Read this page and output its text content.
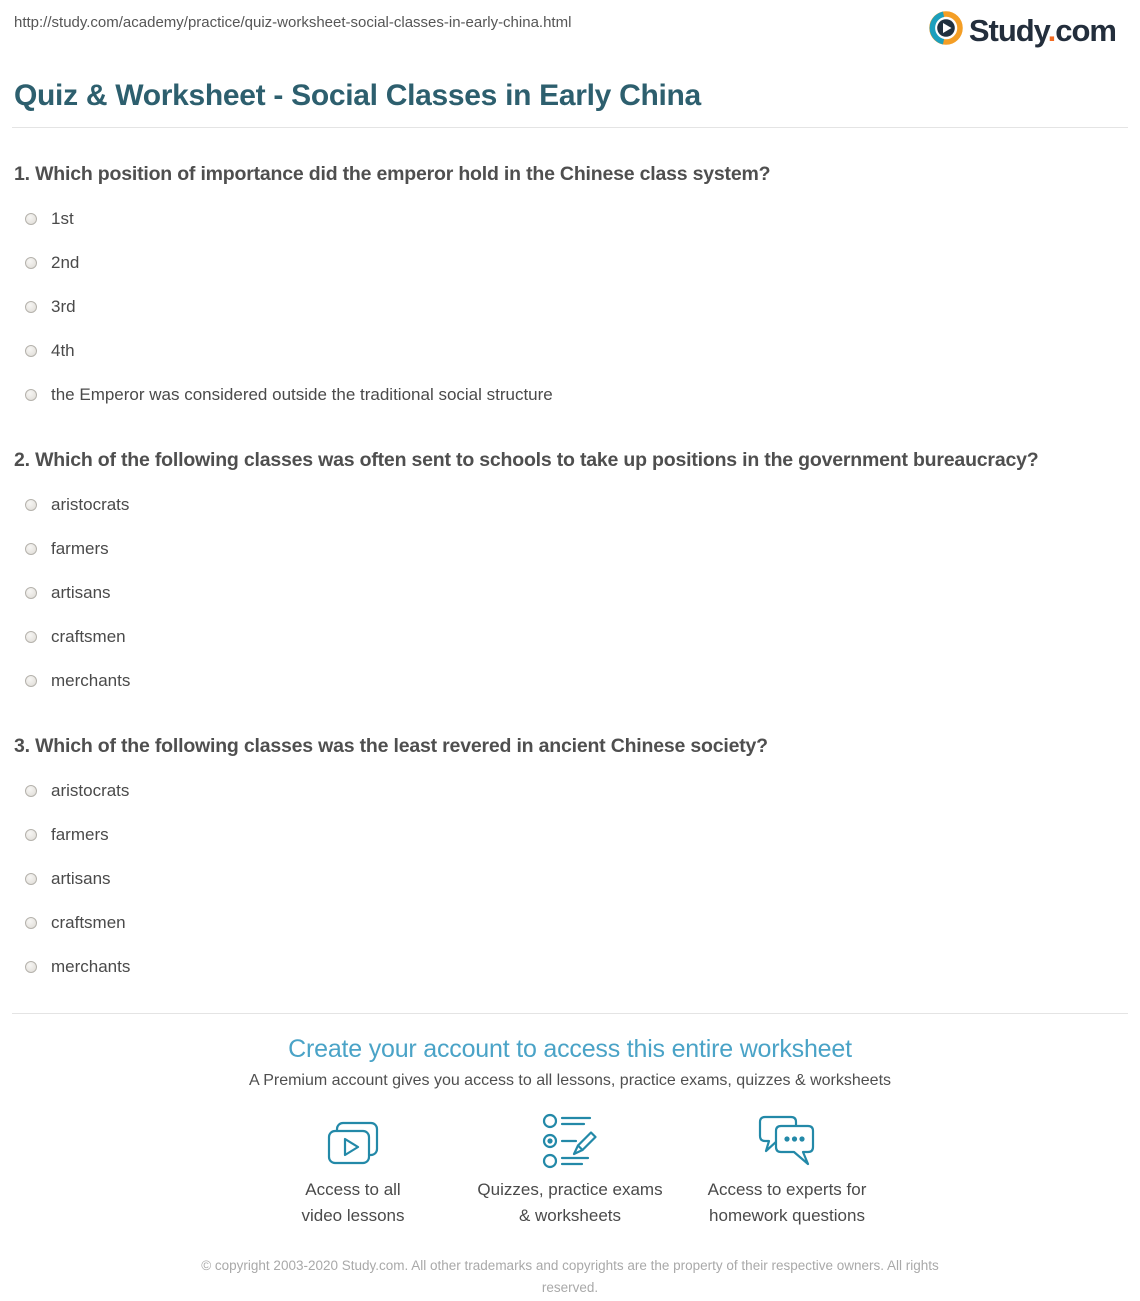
http://study.com/academy/practice/quiz-worksheet-social-classes-in-early-china.html	Study.com
Quiz & Worksheet - Social Classes in Early China
1. Which position of importance did the emperor hold in the Chinese class system?
1st
2nd
3rd
4th
the Emperor was considered outside the traditional social structure
2. Which of the following classes was often sent to schools to take up positions in the government bureaucracy?
aristocrats
farmers
artisans
craftsmen
merchants
3. Which of the following classes was the least revered in ancient Chinese society?
aristocrats
farmers
artisans
craftsmen
merchants
Create your account to access this entire worksheet
A Premium account gives you access to all lessons, practice exams, quizzes & worksheets
Access to all
video lessons
Quizzes, practice exams
& worksheets
Access to experts for
homework questions
© copyright 2003-2020 Study.com. All other trademarks and copyrights are the property of their respective owners. All rights reserved.
